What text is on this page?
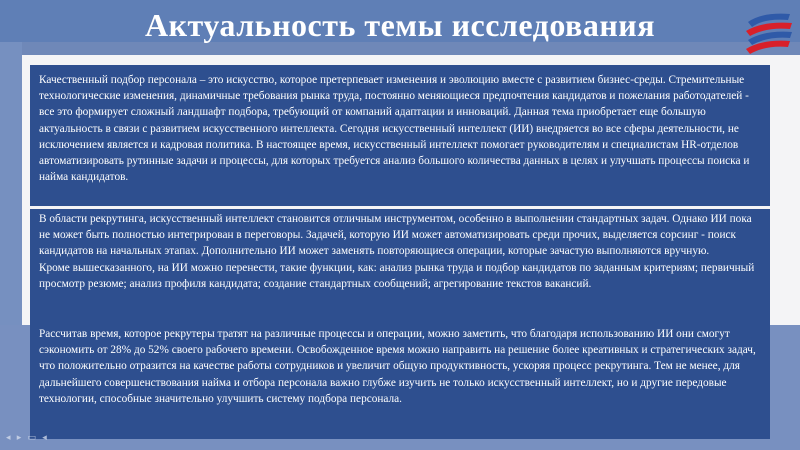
Актуальность темы исследования

Качественный подбор персонала – это искусство, которое претерпевает изменения и эволюцию вместе с развитием бизнес-среды. Стремительные технологические изменения, динамичные требования рынка труда, постоянно меняющиеся предпочтения кандидатов и пожелания работодателей - все это формирует сложный ландшафт подбора, требующий от компаний адаптации и инноваций. Данная тема приобретает еще большую актуальность в связи с развитием искусственного интеллекта. Сегодня искусственный интеллект (ИИ) внедряется во все сферы деятельности, не исключением является и кадровая политика. В настоящее время, искусственный интеллект помогает руководителям и специалистам HR-отделов автоматизировать рутинные задачи и процессы, для которых требуется анализ большого количества данных в целях и улучшать процессы поиска и найма кандидатов.

В области рекрутинга, искусственный интеллект становится отличным инструментом, особенно в выполнении стандартных задач. Однако ИИ пока не может быть полностью интегрирован в переговоры. Задачей, которую ИИ может автоматизировать среди прочих, выделяется сорсинг - поиск кандидатов на начальных этапах. Дополнительно ИИ может заменять повторяющиеся операции, которые зачастую выполняются вручную.

Кроме вышесказанного, на ИИ можно перенести, такие функции, как: анализ рынка труда и подбор кандидатов по заданным критериям; первичный просмотр резюме; анализ профиля кандидата; создание стандартных сообщений; агрегирование текстов вакансий.

Рассчитав время, которое рекрутеры тратят на различные процессы и операции, можно заметить, что благодаря использованию ИИ они смогут сэкономить от 28% до 52% своего рабочего времени. Освобожденное время можно направить на решение более креативных и стратегических задач, что положительно отразится на качестве работы сотрудников и увеличит общую продуктивность, ускоряя процесс рекрутинга. Тем не менее, для дальнейшего совершенствования найма и отбора персонала важно глубже изучить не только искусственный интеллект, но и другие передовые технологии, способные значительно улучшить систему подбора персонала.

◂ ▸ ▭ ◂
